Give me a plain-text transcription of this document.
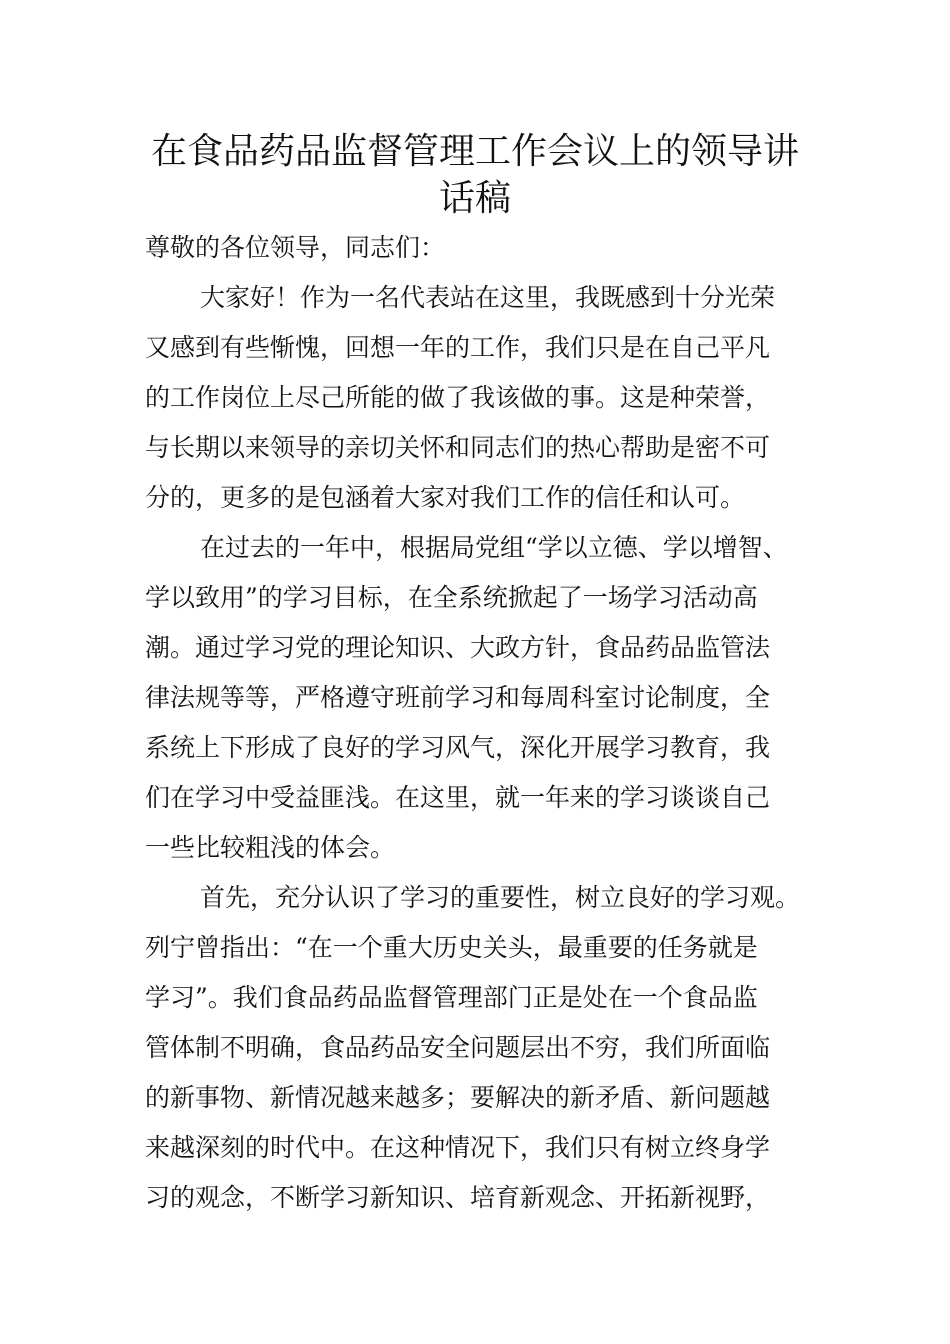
在食品药品监督管理工作会议上的领导讲
话稿
尊敬的各位领导，同志们：
大家好！作为一名代表站在这里，我既感到十分光荣
又感到有些惭愧，回想一年的工作，我们只是在自己平凡
的工作岗位上尽己所能的做了我该做的事。这是种荣誉，
与长期以来领导的亲切关怀和同志们的热心帮助是密不可
分的，更多的是包涵着大家对我们工作的信任和认可。
在过去的一年中，根据局党组“学以立德、学以增智、
学以致用”的学习目标，在全系统掀起了一场学习活动高
潮。通过学习党的理论知识、大政方针，食品药品监管法
律法规等等，严格遵守班前学习和每周科室讨论制度，全
系统上下形成了良好的学习风气，深化开展学习教育，我
们在学习中受益匪浅。在这里，就一年来的学习谈谈自己
一些比较粗浅的体会。
首先，充分认识了学习的重要性，树立良好的学习观。
列宁曾指出：“在一个重大历史关头，最重要的任务就是
学习”。我们食品药品监督管理部门正是处在一个食品监
管体制不明确，食品药品安全问题层出不穷，我们所面临
的新事物、新情况越来越多；要解决的新矛盾、新问题越
来越深刻的时代中。在这种情况下，我们只有树立终身学
习的观念，不断学习新知识、培育新观念、开拓新视野，
